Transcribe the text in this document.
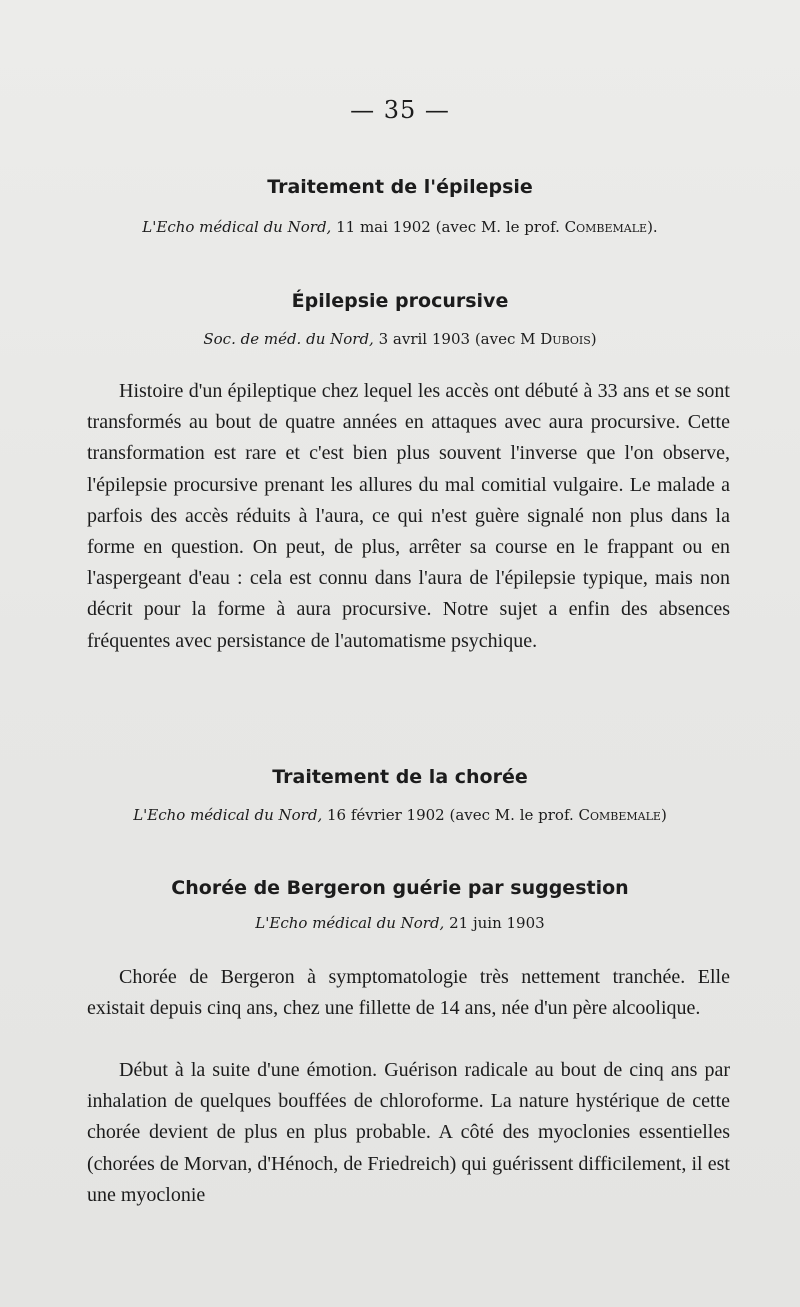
— 35 —
Traitement de l'épilepsie
L'Echo médical du Nord, 11 mai 1902 (avec M. le prof. Combemale).
Épilepsie procursive
Soc. de méd. du Nord, 3 avril 1903 (avec M Dubois)

Histoire d'un épileptique chez lequel les accès ont débuté à 33 ans et se sont transformés au bout de quatre années en attaques avec aura procursive. Cette transformation est rare et c'est bien plus souvent l'inverse que l'on observe, l'épilepsie procursive prenant les allures du mal comitial vulgaire. Le malade a parfois des accès réduits à l'aura, ce qui n'est guère signalé non plus dans la forme en question. On peut, de plus, arrêter sa course en le frappant ou en l'aspergeant d'eau : cela est connu dans l'aura de l'épilepsie typique, mais non décrit pour la forme à aura procursive. Notre sujet a enfin des absences fréquentes avec persistance de l'automatisme psychique.

Traitement de la chorée
L'Echo médical du Nord, 16 février 1902 (avec M. le prof. Combemale)
Chorée de Bergeron guérie par suggestion
L'Echo médical du Nord, 21 juin 1903

Chorée de Bergeron à symptomatologie très nettement tranchée. Elle existait depuis cinq ans, chez une fillette de 14 ans, née d'un père alcoolique.

Début à la suite d'une émotion. Guérison radicale au bout de cinq ans par inhalation de quelques bouffées de chloroforme. La nature hystérique de cette chorée devient de plus en plus probable. A côté des myoclonies essentielles (chorées de Morvan, d'Hénoch, de Friedreich) qui guérissent difficilement, il est une myoclonie
